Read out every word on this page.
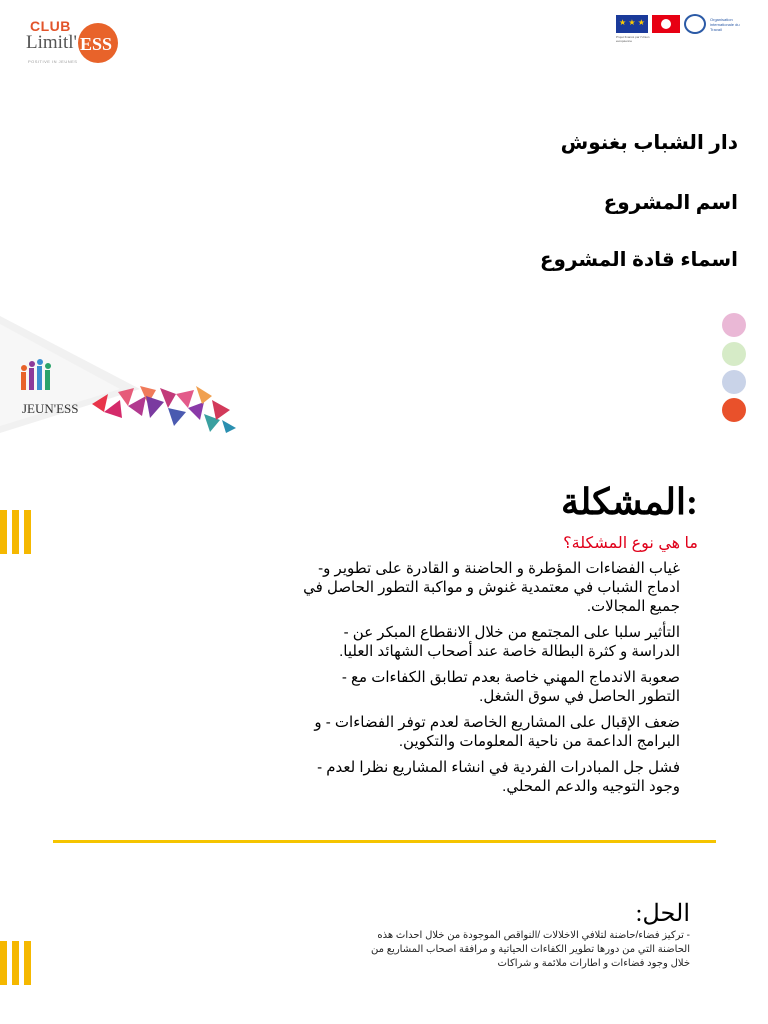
CLUB
Limitl' ESS
POSITIVE IN JEUNES
★ ★ ★
Projet financé par l'Union européenne
Organisation internationale du Travail
دار الشباب بغنوش
اسم المشروع
اسماء قادة المشروع
JEUN'ESS
:المشكلة
ما هي نوع المشكلة؟
غياب الفضاءات المؤطرة و الحاضنة و القادرة على تطوير و- ادماج الشباب في معتمدية غنوش و مواكبة التطور الحاصل في جميع المجالات.
التأثير سلبا على المجتمع من خلال الانقطاع المبكر عن - الدراسة و كثرة البطالة خاصة عند أصحاب الشهائد العليا.
صعوبة الاندماج المهني خاصة بعدم تطابق الكفاءات مع - التطور الحاصل في سوق الشغل.
ضعف الإقبال على المشاريع الخاصة لعدم توفر الفضاءات - و البرامج الداعمة من ناحية المعلومات والتكوين.
فشل جل المبادرات الفردية في انشاء المشاريع نظرا لعدم - وجود التوجيه والدعم المحلي.
الحل:
- تركيز فضاء/حاضنة لتلافي الاخلالات /النواقص الموجودة من خلال احداث هذه الحاضنة التي من دورها تطوير الكفاءات الحياتية و مرافقة اصحاب المشاريع من خلال وجود فضاءات و اطارات ملائمة و شراكات
